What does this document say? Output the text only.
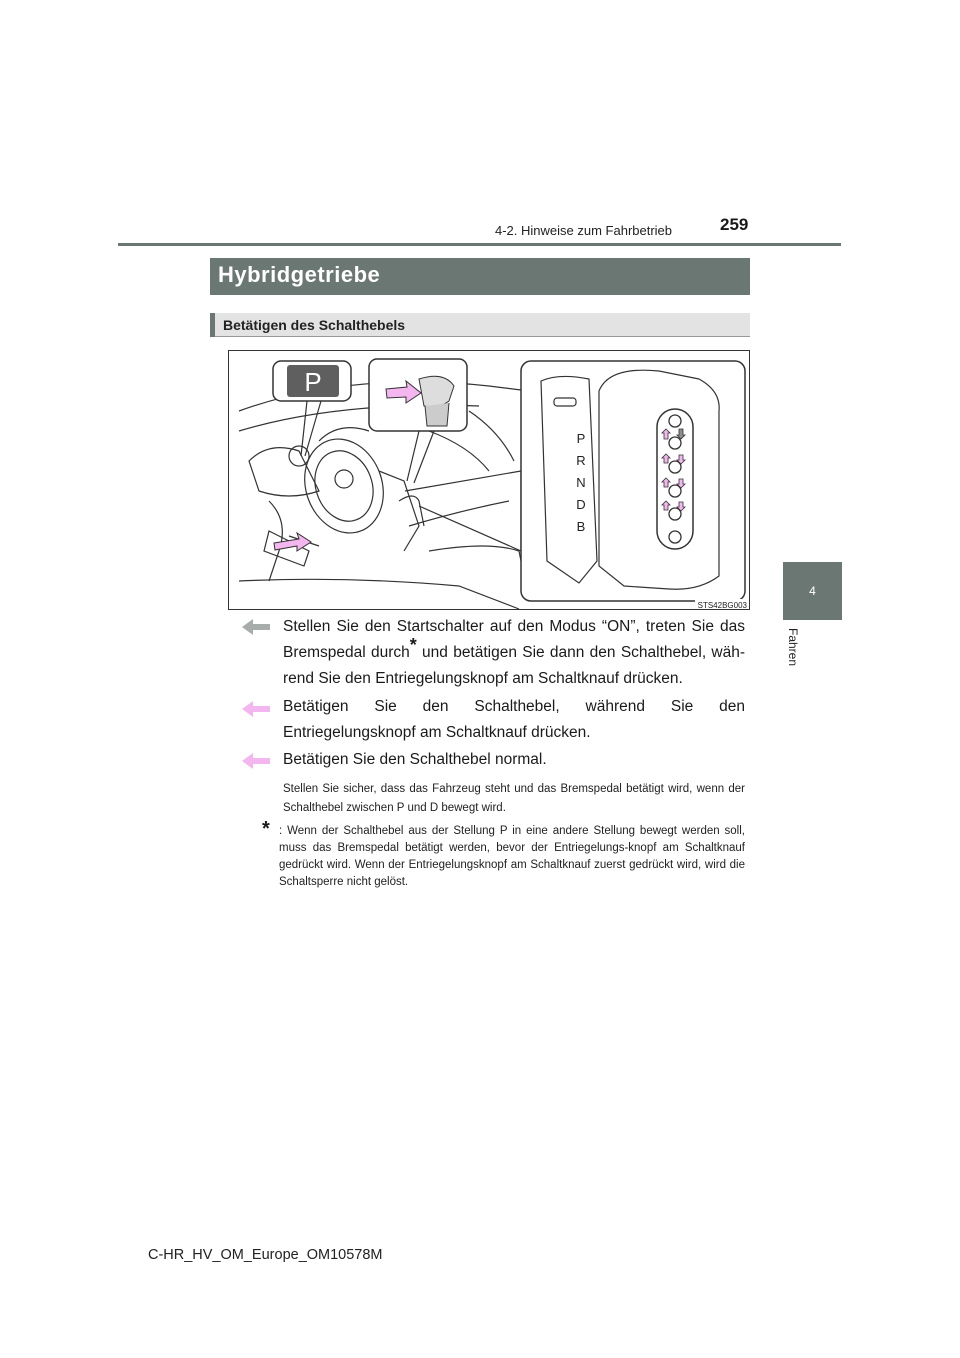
4-2. Hinweise zum Fahrbetrieb	259
4
Fahren
Hybridgetriebe
Betätigen des Schalthebels
P
P
R
N
D
B
STS42BG003
Stellen Sie den Startschalter auf den Modus “ON”, treten Sie das Bremspedal durch* und betätigen Sie dann den Schalthebel, wäh-rend Sie den Entriegelungsknopf am Schaltknauf drücken.
Betätigen Sie den Schalthebel, während Sie den Entriegelungsknopf am Schaltknauf drücken.
Betätigen Sie den Schalthebel normal.
Stellen Sie sicher, dass das Fahrzeug steht und das Bremspedal betätigt wird, wenn der Schalthebel zwischen P und D bewegt wird.
* : Wenn der Schalthebel aus der Stellung P in eine andere Stellung bewegt werden soll, muss das Bremspedal betätigt werden, bevor der Entriegelungs-knopf am Schaltknauf gedrückt wird. Wenn der Entriegelungsknopf am Schaltknauf zuerst gedrückt wird, wird die Schaltsperre nicht gelöst.
C-HR_HV_OM_Europe_OM10578M
